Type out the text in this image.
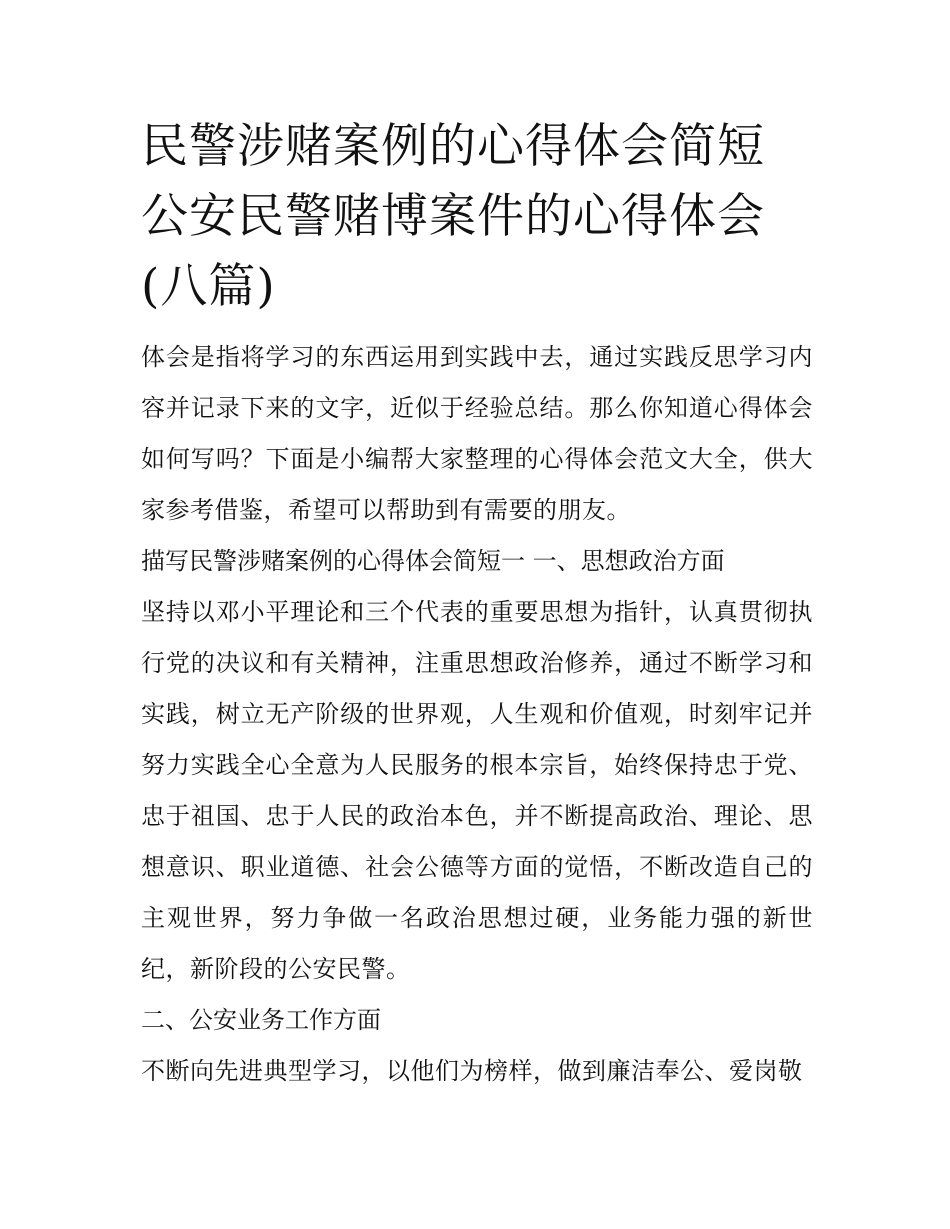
民警涉赌案例的心得体会简短
公安民警赌博案件的心得体会
(八篇)

体会是指将学习的东西运用到实践中去，通过实践反思学习内容并记录下来的文字，近似于经验总结。那么你知道心得体会如何写吗？下面是小编帮大家整理的心得体会范文大全，供大家参考借鉴，希望可以帮助到有需要的朋友。

描写民警涉赌案例的心得体会简短一 一、思想政治方面

坚持以邓小平理论和三个代表的重要思想为指针，认真贯彻执行党的决议和有关精神，注重思想政治修养，通过不断学习和实践，树立无产阶级的世界观，人生观和价值观，时刻牢记并努力实践全心全意为人民服务的根本宗旨，始终保持忠于党、忠于祖国、忠于人民的政治本色，并不断提高政治、理论、思想意识、职业道德、社会公德等方面的觉悟，不断改造自己的主观世界，努力争做一名政治思想过硬，业务能力强的新世纪，新阶段的公安民警。

二、公安业务工作方面

不断向先进典型学习，以他们为榜样，做到廉洁奉公、爱岗敬
